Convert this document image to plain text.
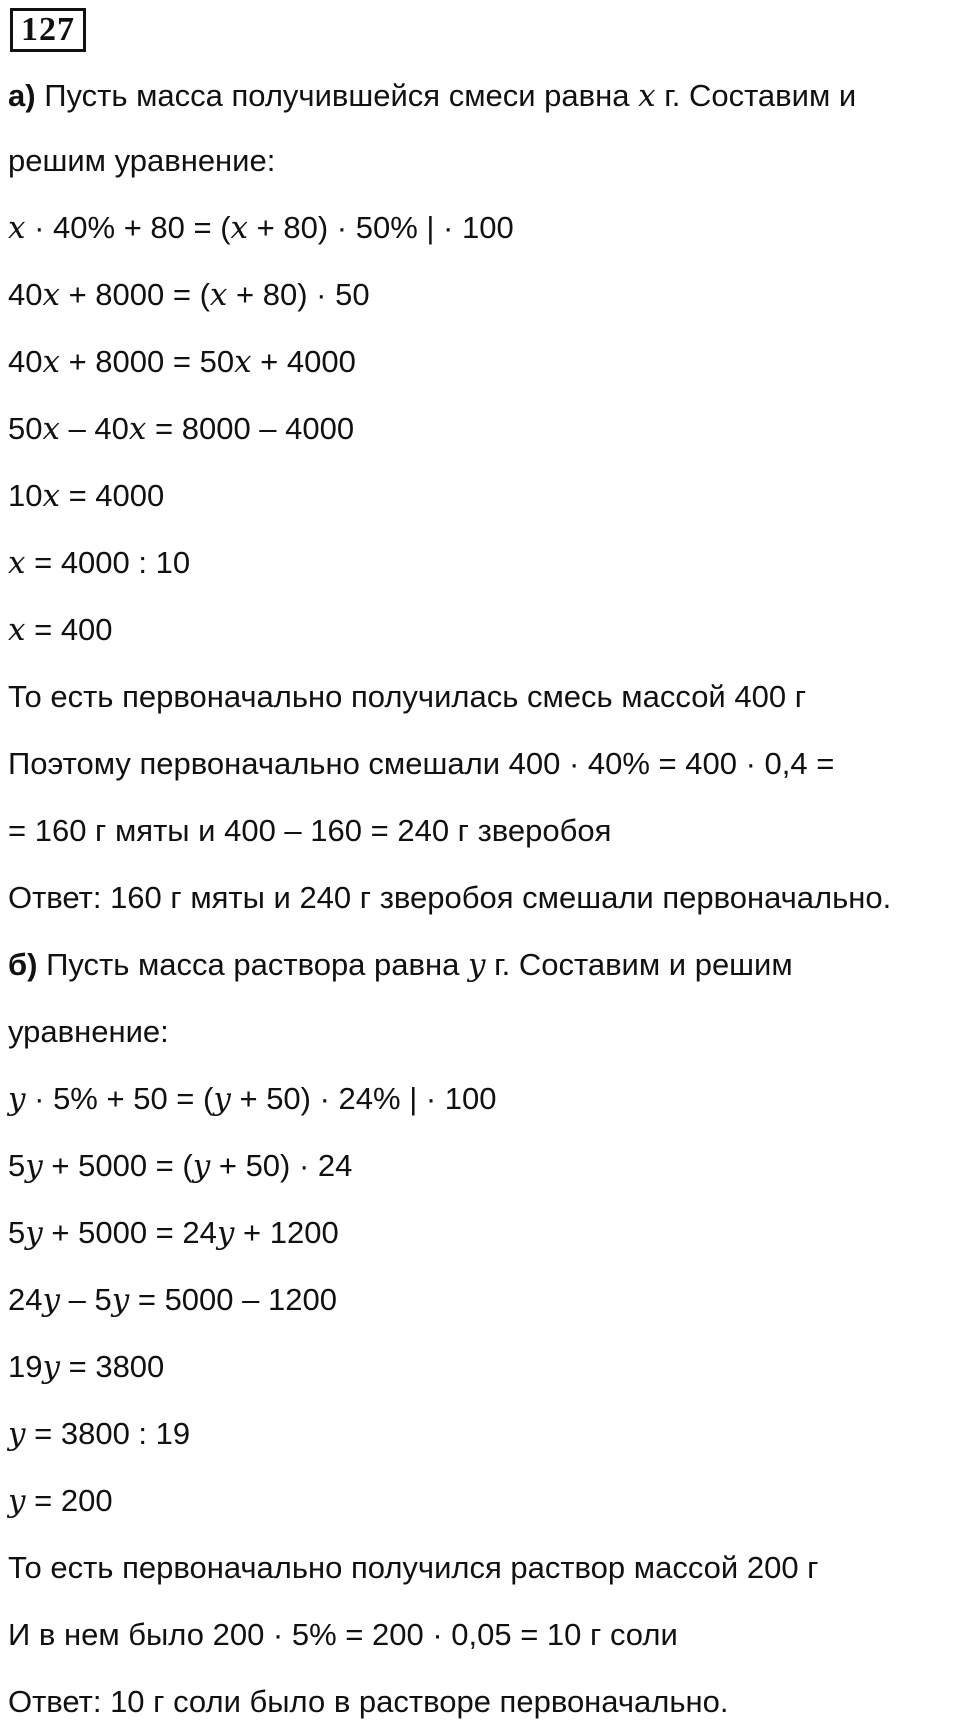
127
а) Пусть масса получившейся смеси равна x г. Составим и
решим уравнение:
x · 40% + 80 = (x + 80) · 50% | · 100
40x + 8000 = (x + 80) · 50
40x + 8000 = 50x + 4000
50x – 40x = 8000 – 4000
10x = 4000
x = 4000 : 10
x = 400
То есть первоначально получилась смесь массой 400 г
Поэтому первоначально смешали 400 · 40% = 400 · 0,4 =
= 160 г мяты и 400 – 160 = 240 г зверобоя
Ответ: 160 г мяты и 240 г зверобоя смешали первоначально.
б) Пусть масса раствора равна y г. Составим и решим
уравнение:
y · 5% + 50 = (y + 50) · 24% | · 100
5y + 5000 = (y + 50) · 24
5y + 5000 = 24y + 1200
24y – 5y = 5000 – 1200
19y = 3800
y = 3800 : 19
y = 200
То есть первоначально получился раствор массой 200 г
И в нем было 200 · 5% = 200 · 0,05 = 10 г соли
Ответ: 10 г соли было в растворе первоначально.
